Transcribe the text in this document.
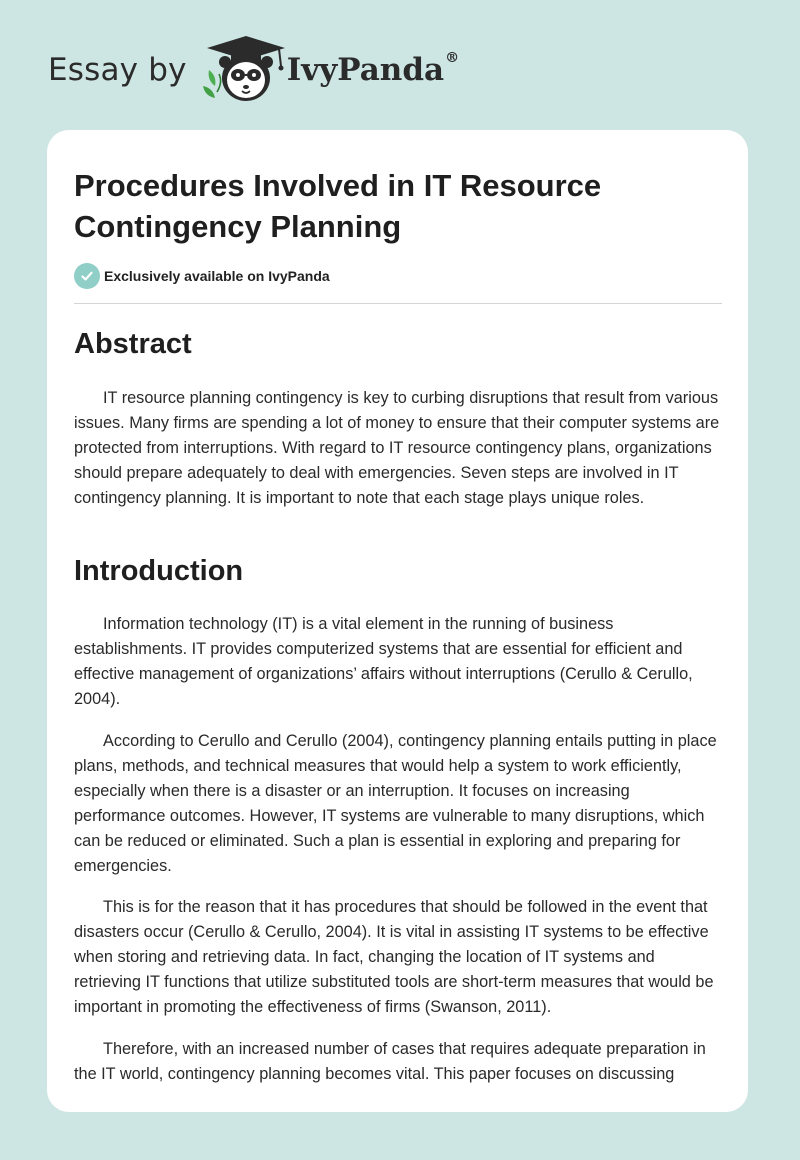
Essay by	IvyPanda®
Procedures Involved in IT Resource Contingency Planning
Exclusively available on IvyPanda
Abstract

IT resource planning contingency is key to curbing disruptions that result from various issues. Many firms are spending a lot of money to ensure that their computer systems are protected from interruptions. With regard to IT resource contingency plans, organizations should prepare adequately to deal with emergencies. Seven steps are involved in IT contingency planning. It is important to note that each stage plays unique roles.

Introduction

Information technology (IT) is a vital element in the running of business establishments. IT provides computerized systems that are essential for efficient and effective management of organizations’ affairs without interruptions (Cerullo & Cerullo, 2004).

According to Cerullo and Cerullo (2004), contingency planning entails putting in place plans, methods, and technical measures that would help a system to work efficiently, especially when there is a disaster or an interruption. It focuses on increasing performance outcomes. However, IT systems are vulnerable to many disruptions, which can be reduced or eliminated. Such a plan is essential in exploring and preparing for emergencies.

This is for the reason that it has procedures that should be followed in the event that disasters occur (Cerullo & Cerullo, 2004). It is vital in assisting IT systems to be effective when storing and retrieving data. In fact, changing the location of IT systems and retrieving IT functions that utilize substituted tools are short-term measures that would be important in promoting the effectiveness of firms (Swanson, 2011).

Therefore, with an increased number of cases that requires adequate preparation in the IT world, contingency planning becomes vital. This paper focuses on discussing
